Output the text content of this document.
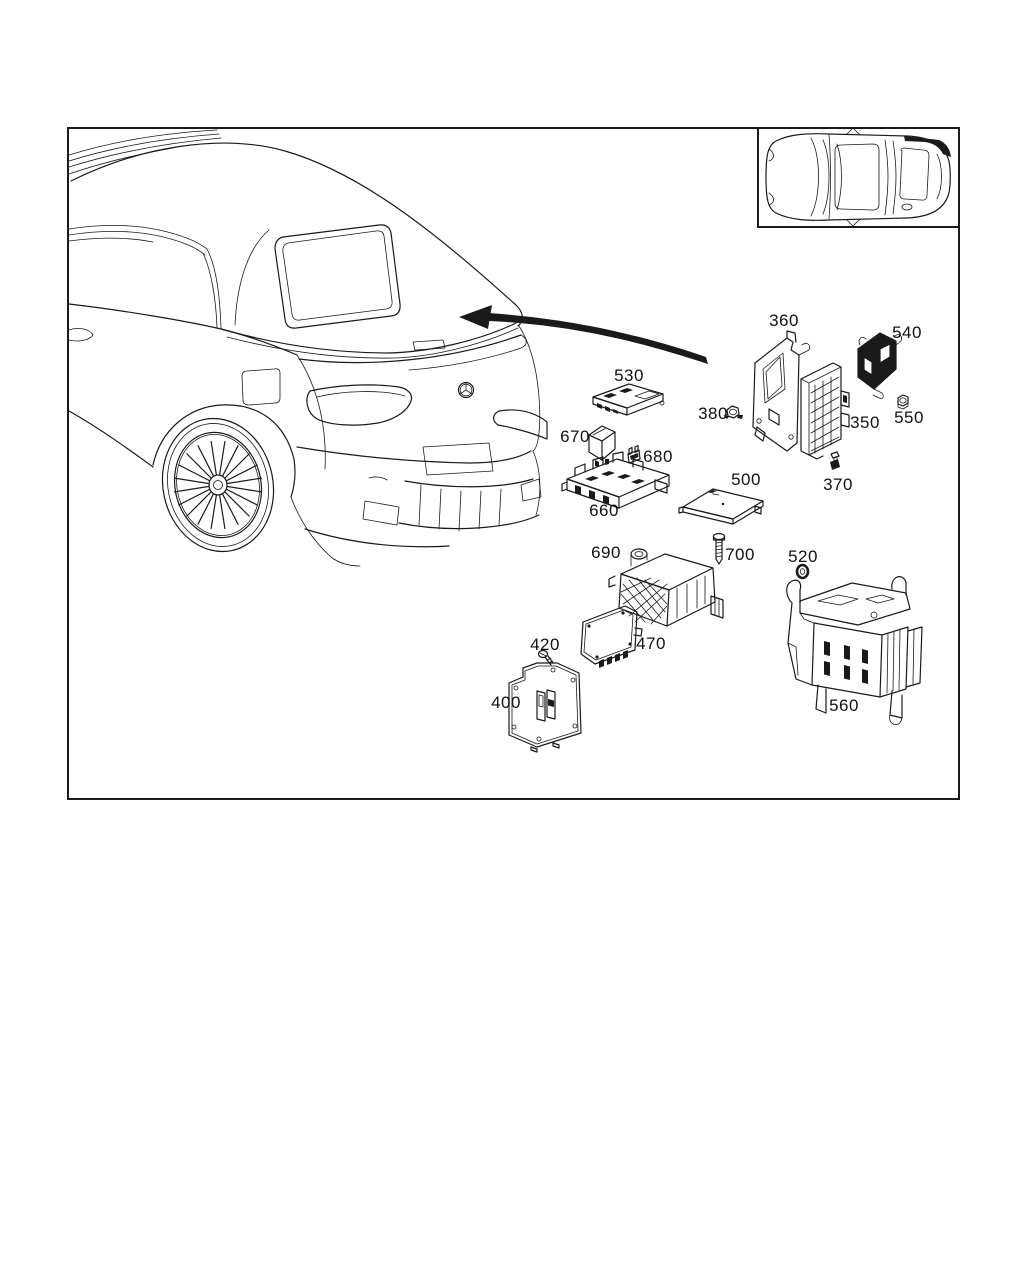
360
540
530
380	350 550
670
680
500	370
660
690	700 520
420	470
400	560
